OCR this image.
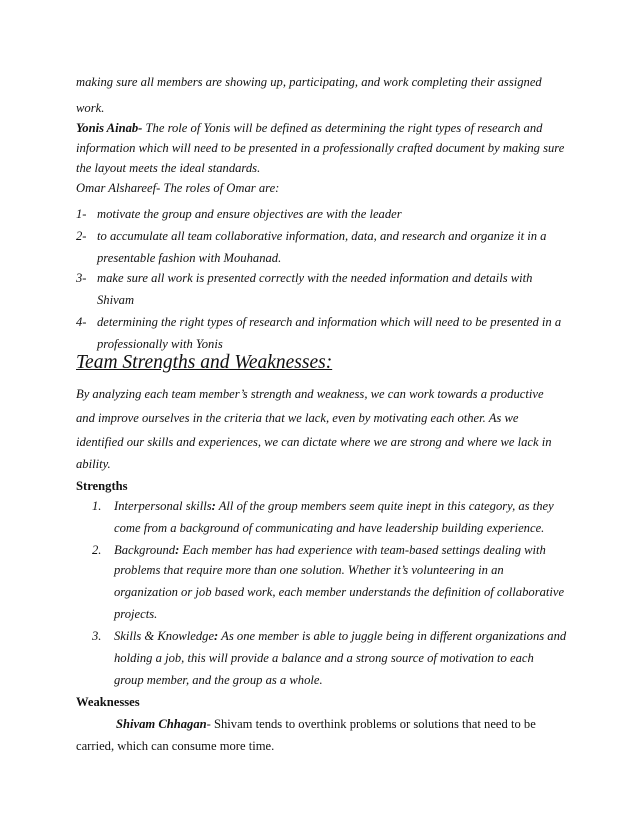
making sure all members are showing up, participating, and work completing their assigned
work.
Yonis Ainab- The role of Yonis will be defined as determining the right types of research and
information which will need to be presented in a professionally crafted document by making sure
the layout meets the ideal standards.
Omar Alshareef- The roles of Omar are:
1- motivate the group and ensure objectives are with the leader
2- to accumulate all team collaborative information, data, and research and organize it in a
presentable fashion with Mouhanad.
3- make sure all work is presented correctly with the needed information and details with
Shivam
4- determining the right types of research and information which will need to be presented in a
professionally with Yonis
Team Strengths and Weaknesses:
By analyzing each team member’s strength and weakness, we can work towards a productive
and improve ourselves in the criteria that we lack, even by motivating each other. As we
identified our skills and experiences, we can dictate where we are strong and where we lack in
ability.
Strengths
1. Interpersonal skills: All of the group members seem quite inept in this category, as they
come from a background of communicating and have leadership building experience.
2. Background: Each member has had experience with team-based settings dealing with
problems that require more than one solution. Whether it’s volunteering in an
organization or job based work, each member understands the definition of collaborative
projects.
3. Skills & Knowledge: As one member is able to juggle being in different organizations and
holding a job, this will provide a balance and a strong source of motivation to each
group member, and the group as a whole.
Weaknesses
Shivam Chhagan- Shivam tends to overthink problems or solutions that need to be
carried, which can consume more time.
